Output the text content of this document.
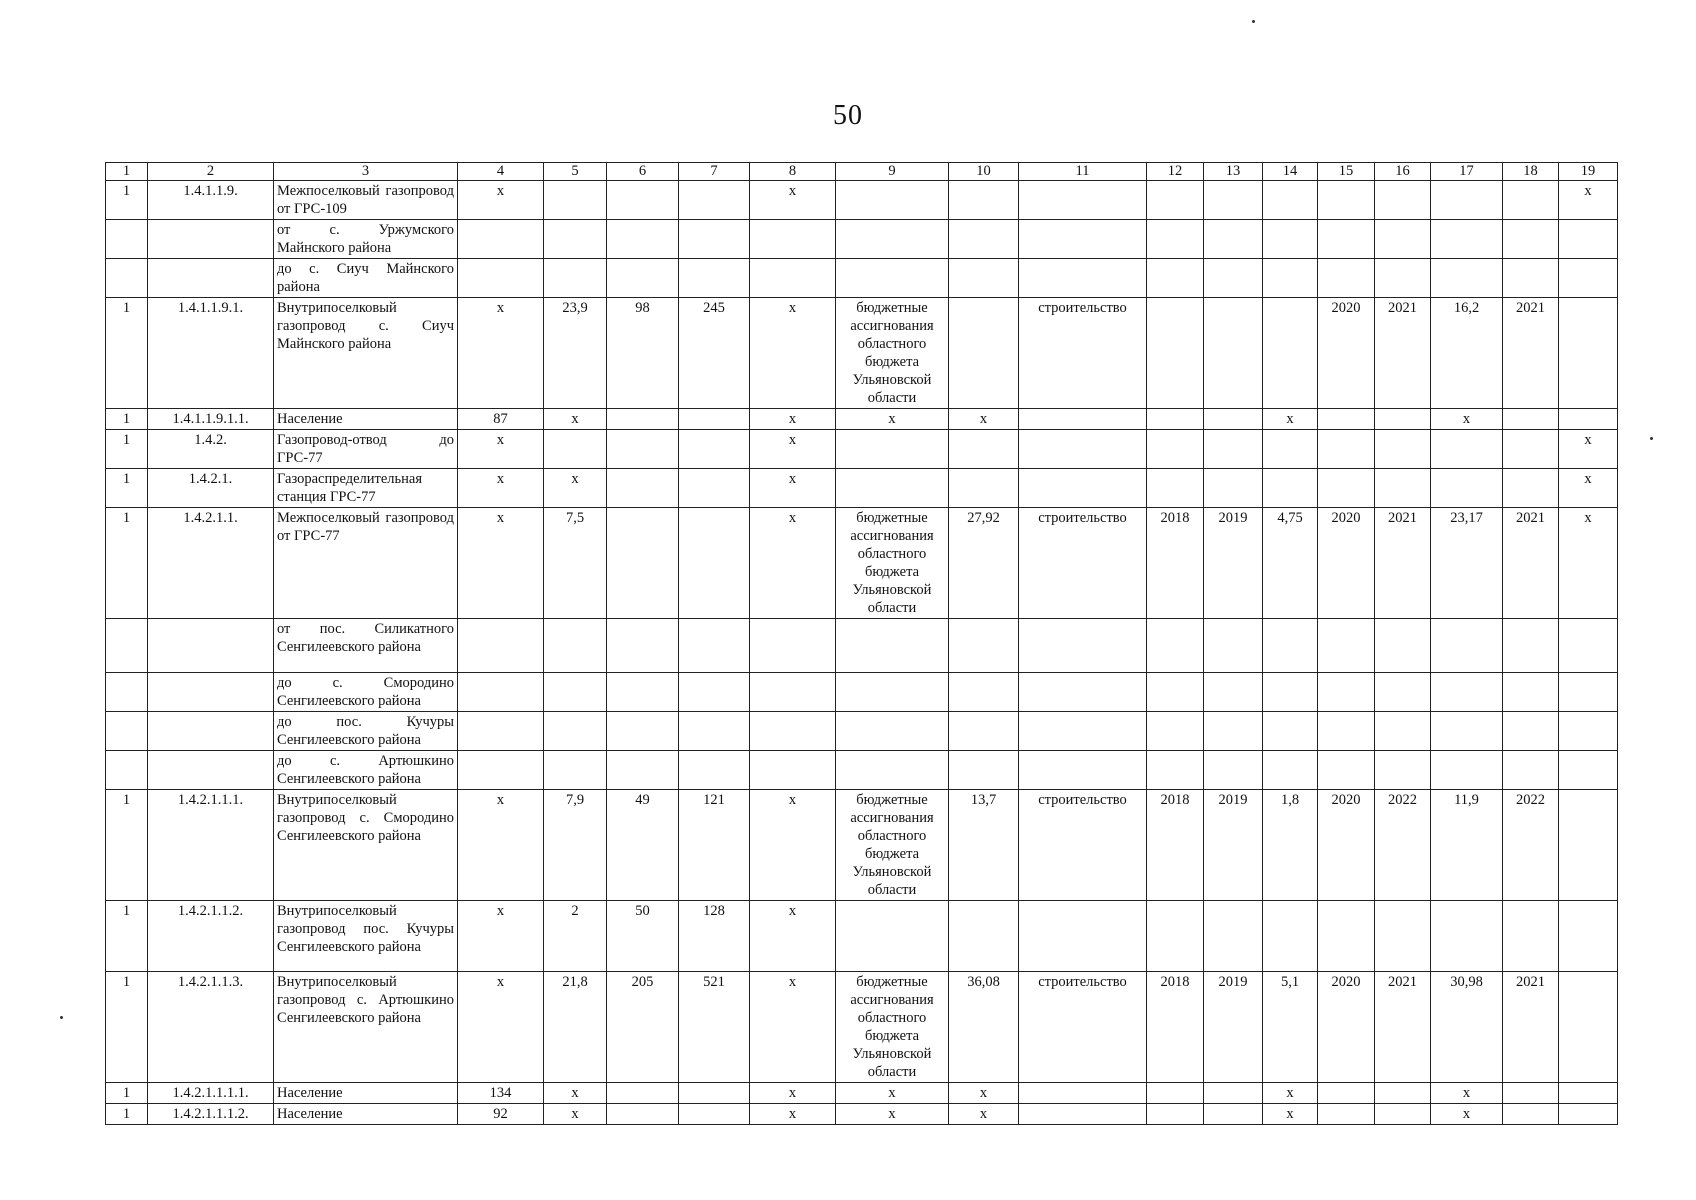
50
1	2	3	4	5	6	7	8	9	10	11	12	13	14	15	16	17	18	19
1	1.4.1.1.9.	Межпоселковый газопровод от ГРС-109	х				х											х
		от с. Уржумского Майнского района																
		до с. Сиуч Майнского района																
1	1.4.1.1.9.1.	Внутрипоселковый газопровод с. Сиуч Майнского района	х	23,9	98	245	х	бюджетные ассигнования областного бюджета Ульяновской области		строительство				2020	2021	16,2	2021	
1	1.4.1.1.9.1.1.	Население	87	х			х	х	х				х			х		
1	1.4.2.	Газопровод-отвод до ГРС-77	х				х											х
1	1.4.2.1.	Газораспределительная станция ГРС-77	х	х			х											х
1	1.4.2.1.1.	Межпоселковый газопровод от ГРС-77	х	7,5			х	бюджетные ассигнования областного бюджета Ульяновской области	27,92	строительство	2018	2019	4,75	2020	2021	23,17	2021	х
		от пос. Силикатного Сенгилеевского района																
		до с. Смородино Сенгилеевского района																
		до пос. Кучуры Сенгилеевского района																
		до с. Артюшкино Сенгилеевского района																
1	1.4.2.1.1.1.	Внутрипоселковый газопровод с. Смородино Сенгилеевского района	х	7,9	49	121	х	бюджетные ассигнования областного бюджета Ульяновской области	13,7	строительство	2018	2019	1,8	2020	2022	11,9	2022	
1	1.4.2.1.1.2.	Внутрипоселковый газопровод пос. Кучуры Сенгилеевского района	х	2	50	128	х											
1	1.4.2.1.1.3.	Внутрипоселковый газопровод с. Артюшкино Сенгилеевского района	х	21,8	205	521	х	бюджетные ассигнования областного бюджета Ульяновской области	36,08	строительство	2018	2019	5,1	2020	2021	30,98	2021	
1	1.4.2.1.1.1.1.	Население	134	х			х	х	х				х			х		
1	1.4.2.1.1.1.2.	Население	92	х			х	х	х				х			х		
